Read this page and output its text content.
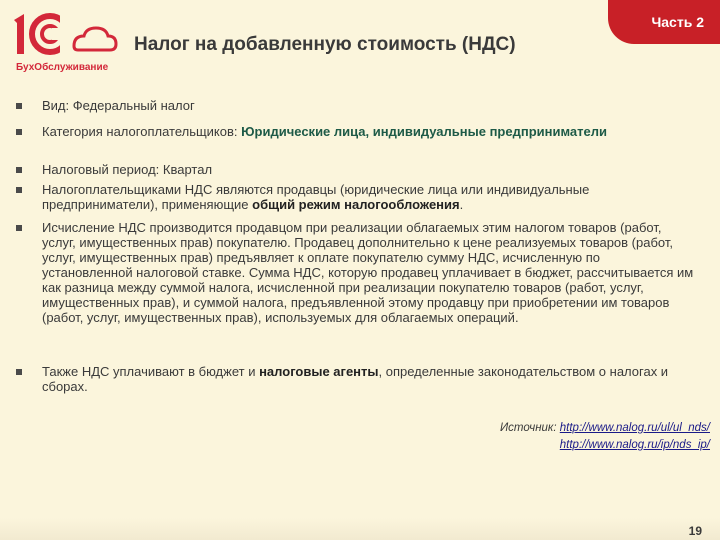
БухОбслуживание
Часть 2
Налог на добавленную стоимость (НДС)
Вид: Федеральный налог
Категория налогоплательщиков: Юридические лица, индивидуальные предприниматели
Налоговый период: Квартал
Налогоплательщиками НДС являются продавцы (юридические лица или индивидуальные предприниматели), применяющие общий режим налогообложения.
Исчисление НДС производится продавцом при реализации облагаемых этим налогом товаров (работ, услуг, имущественных прав) покупателю. Продавец дополнительно к цене реализуемых товаров (работ, услуг, имущественных прав) предъявляет к оплате покупателю сумму НДС, исчисленную по установленной налоговой ставке. Сумма НДС, которую продавец уплачивает в бюджет, рассчитывается им как разница между суммой налога, исчисленной при реализации покупателю товаров (работ, услуг, имущественных прав), и суммой налога, предъявленной этому продавцу при приобретении им товаров (работ, услуг, имущественных прав), используемых для облагаемых операций.
Также НДС уплачивают в бюджет и налоговые агенты, определенные законодательством о налогах и сборах.
Источник: http://www.nalog.ru/ul/ul_nds/
http://www.nalog.ru/ip/nds_ip/
19
